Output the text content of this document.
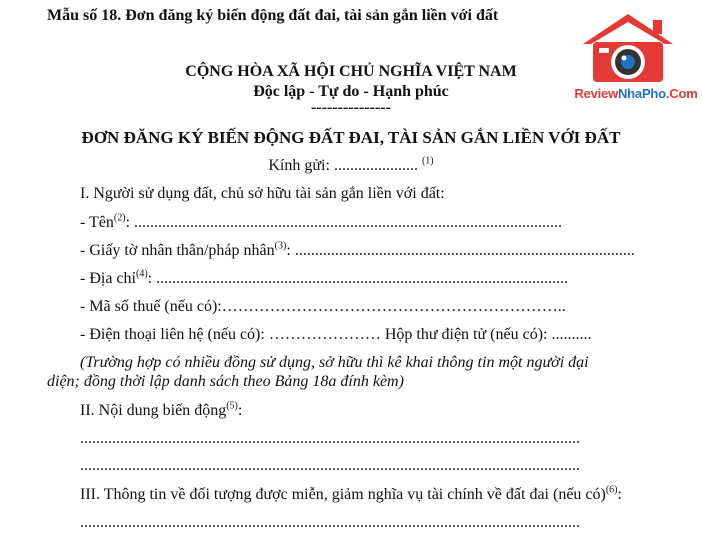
Mẫu số 18. Đơn đăng ký biến động đất đai, tài sản gắn liền với đất
ReviewNhaPho.Com
CỘNG HÒA XÃ HỘI CHỦ NGHĨA VIỆT NAM
Độc lập - Tự do - Hạnh phúc
---------------
ĐƠN ĐĂNG KÝ BIẾN ĐỘNG ĐẤT ĐAI, TÀI SẢN GẮN LIỀN VỚI ĐẤT
Kính gửi: ..................... $^{(1)}$
I. Người sử dụng đất, chủ sở hữu tài sản gắn liền với đất:
- Tên$^{(2)}$: ...........................................................................................................
- Giấy tờ nhân thân/pháp nhân$^{(3)}$: .....................................................................................
- Địa chỉ$^{(4)}$: .......................................................................................................
- Mã số thuế (nếu có):………………………………………………………..
- Điện thoại liên hệ (nếu có): ………………… Hộp thư điện tử (nếu có): ..........
(Trường hợp có nhiều đồng sử dụng, sở hữu thì kê khai thông tin một người đại
diện; đồng thời lập danh sách theo Bảng 18a đính kèm)
II. Nội dung biến động$^{(5)}$:
.............................................................................................................................
.............................................................................................................................
III. Thông tin về đối tượng được miễn, giảm nghĩa vụ tài chính về đất đai (nếu có)$^{(6)}$:
.............................................................................................................................
